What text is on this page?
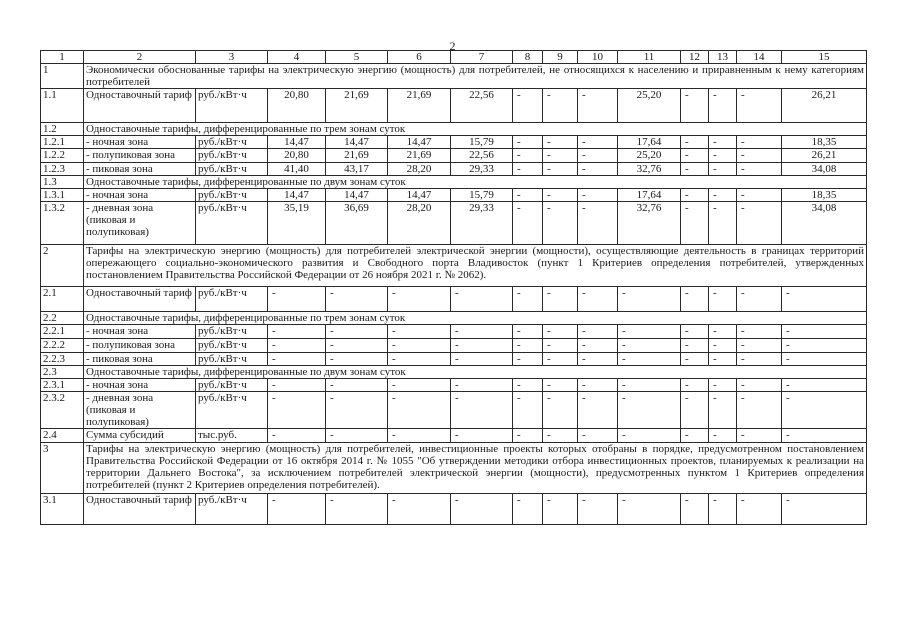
2
1	2	3	4	5	6	7	8	9	10	11	12	13	14	15
1	Экономически обоснованные тарифы на электрическую энергию (мощность) для потребителей, не относящихся к населению и приравненным к нему категориям потребителей													
1.1	Одноставочный тариф	руб./кВт·ч	20,80	21,69	21,69	22,56	-	-	-	25,20	-	-	-	26,21
1.2	Одноставочные тарифы, дифференцированные по трем зонам суток													
1.2.1	- ночная зона	руб./кВт·ч	14,47	14,47	14,47	15,79	-	-	-	17,64	-	-	-	18,35
1.2.2	- полупиковая зона	руб./кВт·ч	20,80	21,69	21,69	22,56	-	-	-	25,20	-	-	-	26,21
1.2.3	- пиковая зона	руб./кВт·ч	41,40	43,17	28,20	29,33	-	-	-	32,76	-	-	-	34,08
1.3	Одноставочные тарифы, дифференцированные по двум зонам суток													
1.3.1	- ночная зона	руб./кВт·ч	14,47	14,47	14,47	15,79	-	-	-	17,64	-	-	-	18,35
1.3.2	- дневная зона (пиковая и полупиковая)	руб./кВт·ч	35,19	36,69	28,20	29,33	-	-	-	32,76	-	-	-	34,08
2	Тарифы на электрическую энергию (мощность) для потребителей электрической энергии (мощности), осуществляющие деятельность в границах территорий опережающего социально-экономического развития и Свободного порта Владивосток (пункт 1 Критериев определения потребителей, утвержденных постановлением Правительства Российской Федерации от 26 ноября 2021 г. № 2062).													
2.1	Одноставочный тариф	руб./кВт·ч	-	-	-	-	-	-	-	-	-	-	-	-
2.2	Одноставочные тарифы, дифференцированные по трем зонам суток													
2.2.1	- ночная зона	руб./кВт·ч	-	-	-	-	-	-	-	-	-	-	-	-
2.2.2	- полупиковая зона	руб./кВт·ч	-	-	-	-	-	-	-	-	-	-	-	-
2.2.3	- пиковая зона	руб./кВт·ч	-	-	-	-	-	-	-	-	-	-	-	-
2.3	Одноставочные тарифы, дифференцированные по двум зонам суток													
2.3.1	- ночная зона	руб./кВт·ч	-	-	-	-	-	-	-	-	-	-	-	-
2.3.2	- дневная зона (пиковая и полупиковая)	руб./кВт·ч	-	-	-	-	-	-	-	-	-	-	-	-
2.4	Сумма субсидий	тыс.руб.	-	-	-	-	-	-	-	-	-	-	-	-
3	Тарифы на электрическую энергию (мощность) для потребителей, инвестиционные проекты которых отобраны в порядке, предусмотренном постановлением Правительства Российской Федерации от 16 октября 2014 г. № 1055 "Об утверждении методики отбора инвестиционных проектов, планируемых к реализации на территории Дальнего Востока", за исключением потребителей электрической энергии (мощности), предусмотренных пунктом 1 Критериев определения потребителей (пункт 2 Критериев определения потребителей).													
3.1	Одноставочный тариф	руб./кВт·ч	-	-	-	-	-	-	-	-	-	-	-	-
